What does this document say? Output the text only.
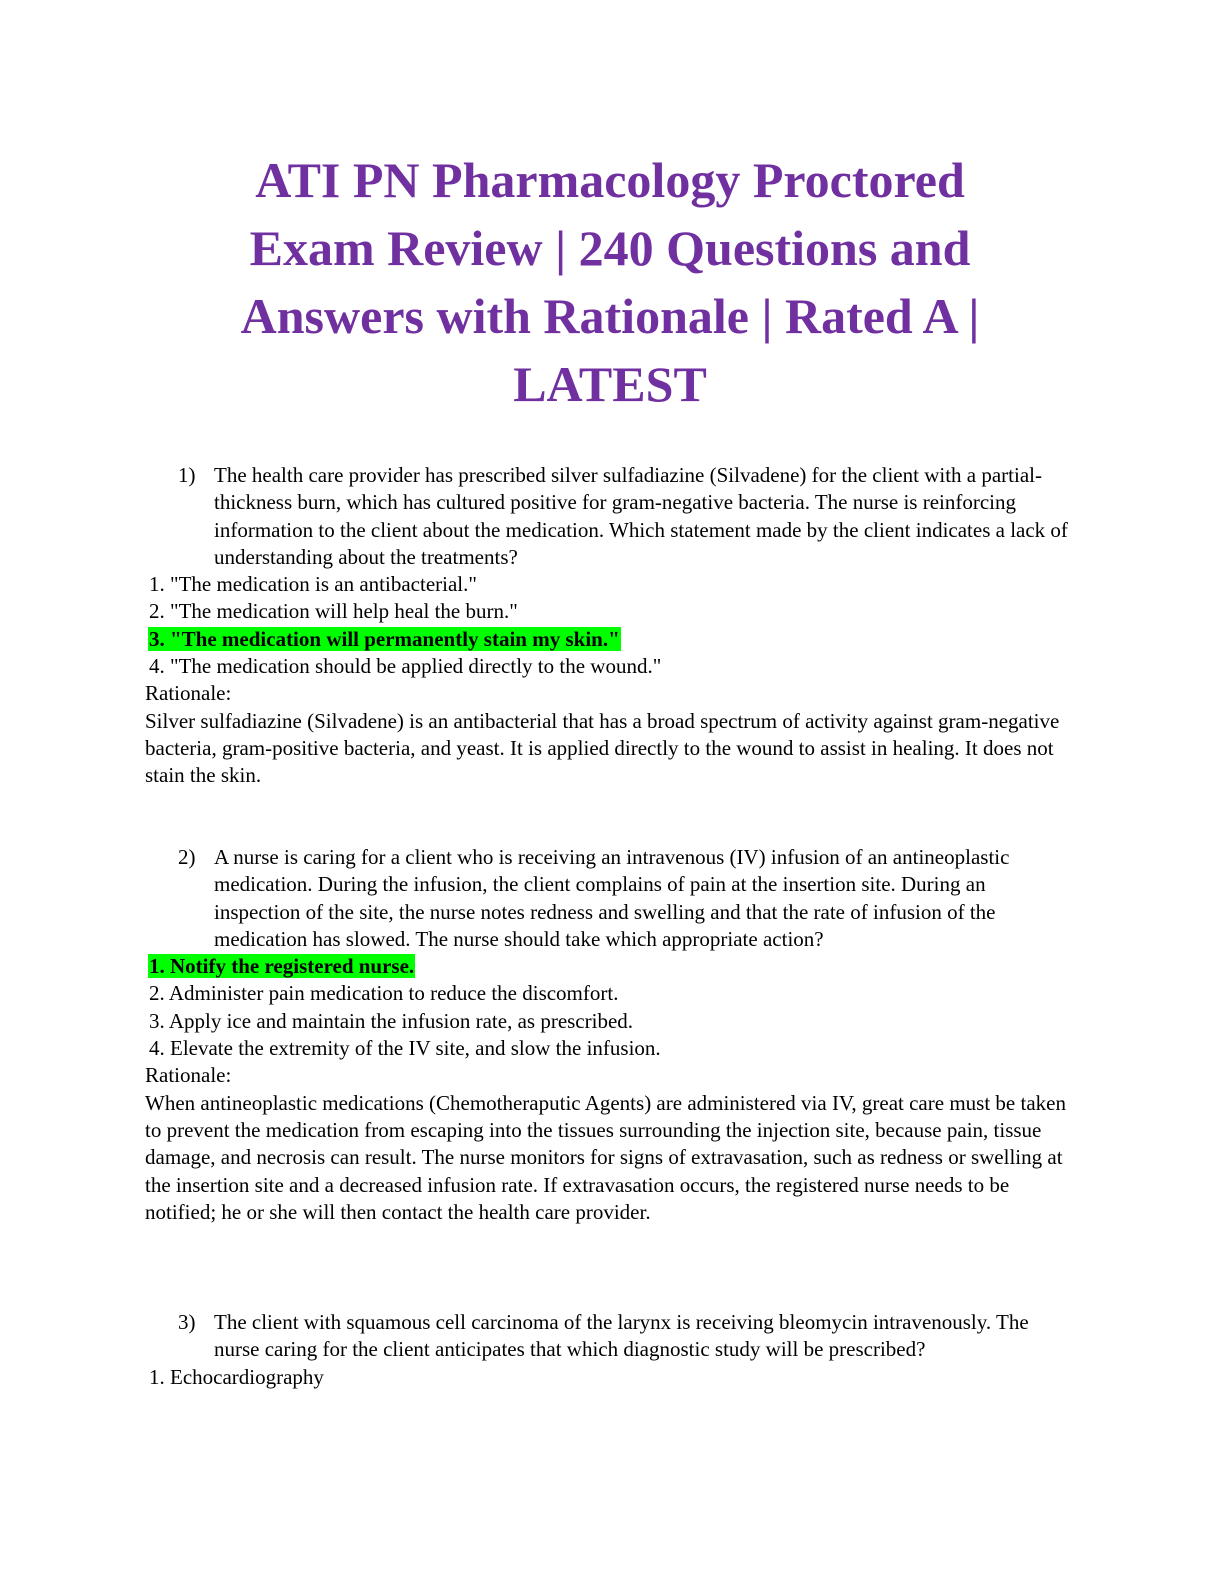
ATI PN Pharmacology Proctored
Exam Review | 240 Questions and
Answers with Rationale | Rated A |
LATEST
1) The health care provider has prescribed silver sulfadiazine (Silvadene) for the client with a partial-thickness burn, which has cultured positive for gram-negative bacteria. The nurse is reinforcing information to the client about the medication. Which statement made by the client indicates a lack of understanding about the treatments?
1. "The medication is an antibacterial."
2. "The medication will help heal the burn."
3. "The medication will permanently stain my skin."
4. "The medication should be applied directly to the wound."
Rationale:
Silver sulfadiazine (Silvadene) is an antibacterial that has a broad spectrum of activity against gram-negative bacteria, gram-positive bacteria, and yeast. It is applied directly to the wound to assist in healing. It does not stain the skin.
2) A nurse is caring for a client who is receiving an intravenous (IV) infusion of an antineoplastic medication. During the infusion, the client complains of pain at the insertion site. During an inspection of the site, the nurse notes redness and swelling and that the rate of infusion of the medication has slowed. The nurse should take which appropriate action?
1. Notify the registered nurse.
2. Administer pain medication to reduce the discomfort.
3. Apply ice and maintain the infusion rate, as prescribed.
4. Elevate the extremity of the IV site, and slow the infusion.
Rationale:
When antineoplastic medications (Chemotheraputic Agents) are administered via IV, great care must be taken to prevent the medication from escaping into the tissues surrounding the injection site, because pain, tissue damage, and necrosis can result. The nurse monitors for signs of extravasation, such as redness or swelling at the insertion site and a decreased infusion rate. If extravasation occurs, the registered nurse needs to be notified; he or she will then contact the health care provider.
3) The client with squamous cell carcinoma of the larynx is receiving bleomycin intravenously. The nurse caring for the client anticipates that which diagnostic study will be prescribed?
1. Echocardiography
